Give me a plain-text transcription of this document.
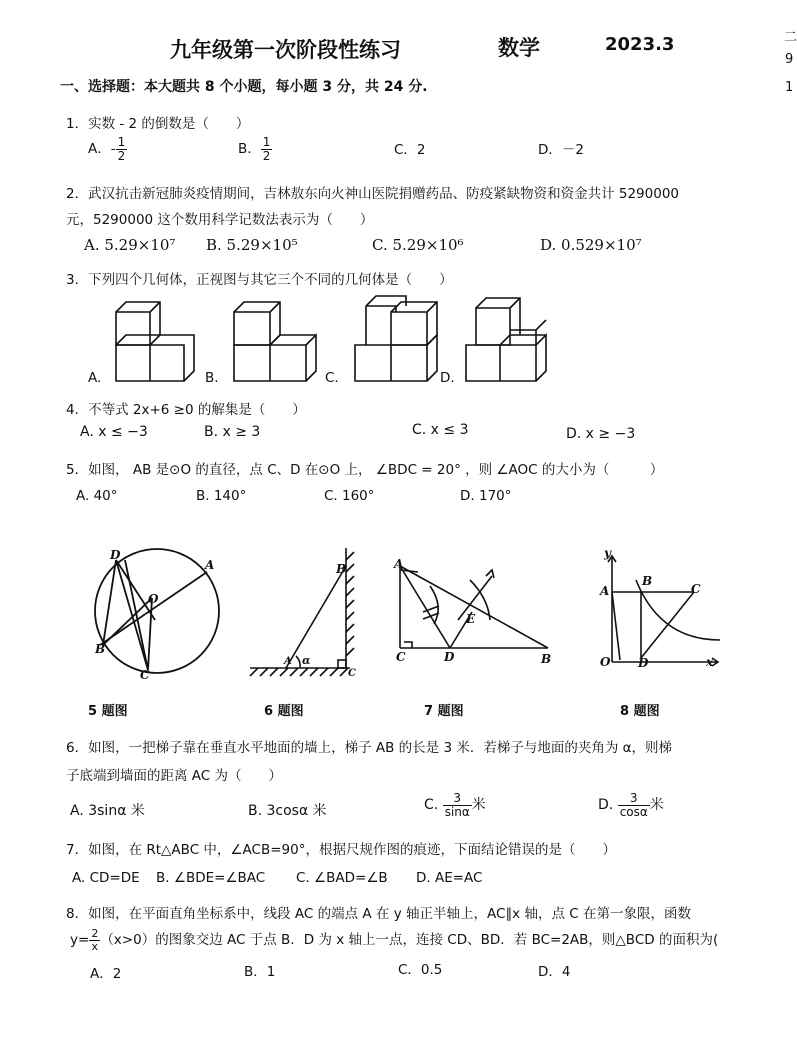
九年级第一次阶段性练习	数学	2023.3	二
9
1
一、选择题：本大题共 8 个小题，每小题 3 分，共 24 分.
1．实数 - 2 的倒数是（　　）
A．- $\frac{1}{2}$	B． $\frac{1}{2}$	C．2	D．－2
2．武汉抗击新冠肺炎疫情期间，吉林敖东向火神山医院捐赠药品、防疫紧缺物资和资金共计 5290000
元，5290000 这个数用科学记数法表示为（　　）
A. 5.29×10⁷ B. 5.29×10⁵	C. 5.29×10⁶	D. 0.529×10⁷
3．下列四个几何体，正视图与其它三个不同的几何体是（　　）
A.	B.	C.	D.
4．不等式 2x+6 ≥0 的解集是（　　）
A. x ≤ −3	B. x ≥ 3	C. x ≤ 3	D. x ≥ −3
5．如图， AB 是⊙O 的直径，点 C、D 在⊙O 上， ∠BDC = 20° ，则 ∠AOC 的大小为（　　　）
A. 40°	B. 140°	C. 160°	D. 170°
D
A
O
B
C
B
A
C
α
A
E
C	D	B
y
A
B
C
O D	x
5 题图	6 题图	7 题图	8 题图
6．如图，一把梯子靠在垂直水平地面的墙上，梯子 AB 的长是 3 米．若梯子与地面的夹角为 α，则梯
子底端到墙面的距离 AC 为（　　）
A. 3sinα 米	B. 3cosα 米	C. $\frac{3}{\sin\alpha}$ 米	D. $\frac{3}{\cos\alpha}$ 米
7．如图，在 Rt△ABC 中，∠ACB=90°，根据尺规作图的痕迹，下面结论错误的是（　　）
A. CD=DE B. ∠BDE=∠BAC C. ∠BAD=∠B D. AE=AC
8．如图，在平面直角坐标系中，线段 AC 的端点 A 在 y 轴正半轴上，AC∥x 轴，点 C 在第一象限，函数
$y= \frac{2}{x} (x>0)$的图象交边 AC 于点 B．D 为 x 轴上一点，连接 CD、BD．若 BC=2AB，则△BCD 的面积为(
A．2	B．1	C．0.5	D．4
